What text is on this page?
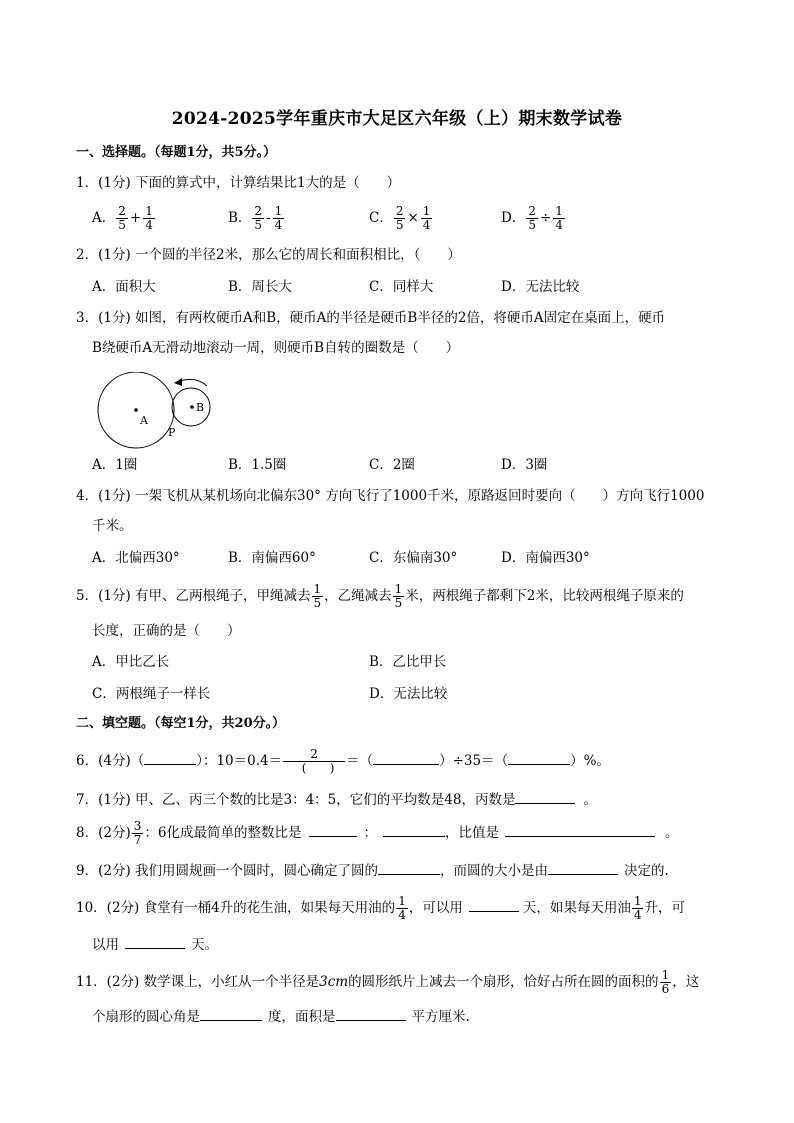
2024-2025学年重庆市大足区六年级（上）期末数学试卷
一、选择题。（每题1分，共5分。）
1．(1分) 下面的算式中，计算结果比1大的是（　　）
A． $\frac{2}{5} + \frac{1}{4}$	B． $\frac{2}{5} - \frac{1}{4}$	C． $\frac{2}{5} \times \frac{1}{4}$	D． $\frac{2}{5} \div \frac{1}{4}$
2．(1分) 一个圆的半径2米，那么它的周长和面积相比，（　　）
A．面积大	B．周长大	C．同样大	D．无法比较
3．(1分) 如图，有两枚硬币A和B，硬币A的半径是硬币B半径的2倍，将硬币A固定在桌面上，硬币
B绕硬币A无滑动地滚动一周，则硬币B自转的圈数是（　　）
A
B
P
A．1圈	B．1.5圈	C．2圈	D．3圈
4．(1分) 一架飞机从某机场向北偏东30° 方向飞行了1000千米，原路返回时要向（　　）方向飞行1000
千米。
A．北偏西30°	B．南偏西60°	C．东偏南30°	D．南偏西30°
5．(1分) 有甲、乙两根绳子，甲绳减去 $\frac{1}{5}$ ，乙绳减去 $\frac{1}{5}$ 米，两根绳子都剩下2米，比较两根绳子原来的
长度，正确的是（　　）
A．甲比乙长	B．乙比甲长
C．两根绳子一样长	D．无法比较
二、填空题。（每空1分，共20分。）
6．(4分)（	）：$10=0.4= \frac{2}{( )}$ ＝（	）÷35＝（	）%。
7．(1分) 甲、乙、丙三个数的比是3：4：5，它们的平均数是48，丙数是	。
8．(2分) $\frac{3}{7}$ ：6化成最简单的整数比是	：	，比值是	。
9．(2分) 我们用圆规画一个圆时，圆心确定了圆的	，而圆的大小是由	决定的.
10．(2分) 食堂有一桶4升的花生油，如果每天用油的 $\frac{1}{4}$ ，可以用	天，如果每天用油 $\frac{1}{4}$ 升，可
以用	天。
11．(2分) 数学课上，小红从一个半径是3cm的圆形纸片上减去一个扇形，恰好占所在圆的面积的 $\frac{1}{6}$ ，这
个扇形的圆心角是	度，面积是	平方厘米.
